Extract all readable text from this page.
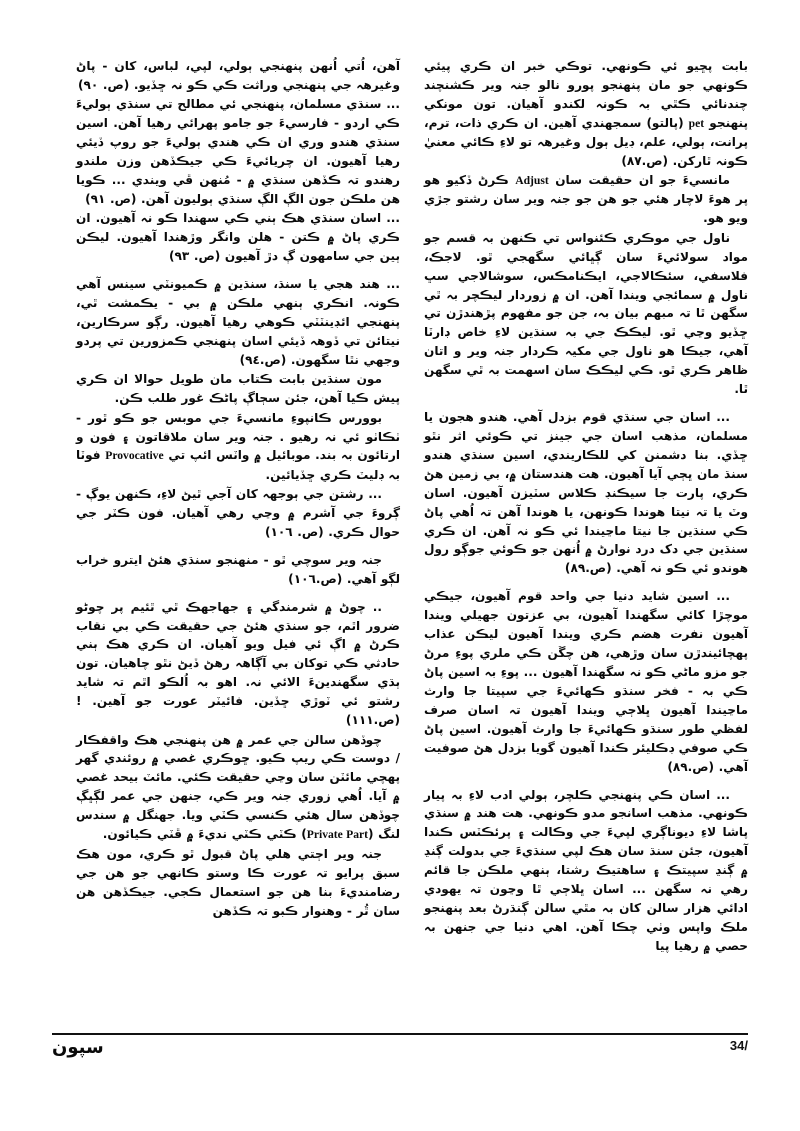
بابت پڇيو ئي ڪونهي. توڪي خبر ان ڪري پيئي ڪونهي جو مان پنهنجو پورو نالو جنہ وير ڪشنچند چندنائي ڪٿي بہ ڪونہ لکندو آهيان. تون مونکي پنهنجو pet (پالتو) سمجهندي آهين. ان ڪري ذات، ترم، پرانت، ٻولي، علم، ڊيل ٻول وغيرهہ تو لاءِ ڪائي معنيٰ ڪونہ ٿاركن. (ص.٨٧)

مانسيءَ جو ان حقيقت سان Adjust ڪرڻ ڏکيو هو پر هوءَ لاچار هئي جو هن جو جنہ وير سان رشتو جڙي ويو هو.

ناول جي موڪري ڪئنواس تي ڪنهن بہ قسم جو مواد سولائيءَ سان ڳڀائي سگهجي ٿو. لاجڪ، فلاسفي، سئڪالاجي، ايڪنامڪس، سوشالاجي سڀ ناول ۾ سمائجي ويندا آهن. ان ۾ زوردار ليڪچر بہ ٿي سگهن ٿا تہ مبهم بيان بہ، جن جو مفهوم پڙهندڙن تي ڇڏيو وڃي ٿو. ليڪڪ جي بہ سنڌين لاءِ خاص ڊارٽا آهي، جيڪا هو ناول جي مکيہ ڪردار جنہ وير و اتان ظاهر ڪري ٿو. ڪي ليڪڪ سان اسهمت بہ ٿي سگهن ٿا.

... اسان جي سنڌي قوم بزدل آهي. هندو هجون يا مسلمان، مذهب اسان جي جينز تي ڪوئي اثر نٿو ڇڏي. بنا دشمنن کي للڪاريندي، اسين سنڌي هندو سنڌ مان ڀڄي آيا آهيون. هت هندستان ۾، بي زمين هڻ ڪري، پارت جا سيڪنڊ ڪلاس سٽيزن آهيون. اسان وٽ يا تہ نيتا هوندا ڪونهن، يا هوندا آهن تہ اُهي پاڻ ڪي سنڌين جا نيتا ماڃيندا ئي ڪو نہ آهن. ان ڪري سنڌين جي دک درد نوارڻ ۾ اُنهن جو ڪوئي جوڳو رول هوندو ئي ڪو نہ آهي. (ص.٨٩)

... اسين شايد دنيا جي واحد قوم آهيون، جيڪي موچڙا کائي سگهندا آهيون، بي عزتون جهيلي ويندا آهيون نفرت هضم ڪري ويندا آهيون ليڪن عذاب پهچائيندڙن سان وڙهي، هن چڱن ڪي ملري پوءِ مرڻ جو مزو ماڻي ڪو نہ سگهندا آهيون ... پوءِ بہ اسين پاڻ ڪي بہ - فخر سنڌو ڪهائيءَ جي سپيتا جا وارث ماڃيندا آهيون ڀلاڄي ويندا آهيون تہ اسان صرف لفظي طور سنڌو ڪهائيءَ جا وارث آهيون. اسين پاڻ ڪي صوفي ڊڪليئر ڪندا آهيون گويا بزدل هڻ صوفيت آهي. (ص.٨٩)

... اسان ڪي پنهنجي ڪلچر، ٻولي ادب لاءِ بہ پيار ڪونهي. مذهب اسانجو مدو ڪونهي. هت هند ۾ سنڌي پاشا لاءِ ديوناڳري لپيءَ جي وڪالت ۽ پرئڪٽس ڪندا آهيون، جئن سنڌ سان هڪ لپي سنڌيءَ جي بدولت ڳنڍ ۾ ڳنڍ سپيتڪ ۽ ساهتيڪ رشتا، ٻنهي ملڪن جا قائم رهي نہ سگهن ... اسان ڀلاڄي ٿا وڃون تہ يهودي ادائي هزار سالن کان بہ مٿي سالن ڳنڌرڻ بعد پنهنجو ملڪ واپس وٺي چڪا آهن. اهي دنيا جي جنهن بہ حصي ۾ رهيا پيا

آهن، اُتي اُنهن پنهنجي ٻولي، لپي، لباس، کان - پاڻ وغيرهہ جي پنهنجي وراثت ڪي ڪو نہ ڇڏيو. (ص. ٩٠)

... سنڌي مسلمان، پنهنجي ئي مطالح تي سنڌي ٻوليءَ ڪي اردو - فارسيءَ جو جامو پهرائي رهيا آهن. اسين سنڌي هندو وري ان ڪي هندي ٻوليءَ جو روپ ڏيئي رهيا آهيون. ان چريائيءَ ڪي جيڪڏهن وزن ملندو رهندو تہ ڪڏهن سنڌي ۾ - مُنهن ڦي ويندي ... ڪويا هن ملڪن جون الڳ الڳ سنڌي ٻوليون آهن. (ص. ٩١)

... اسان سنڌي هڪ ٻني ڪي سهندا ڪو نہ آهيون. ان ڪري پاڻ ۾ ڪتن - هلن وانگر وڙهندا آهيون. ليڪن ٻين جي سامهون ڳ دڙ آهيون (ص. ٩٣)

... هند هجي يا سنڌ، سنڌين ۾ ڪميونٽي سينس آهي ڪونہ. انڪري ٻنهي ملڪن ۾ بي - يڪمشت ٿي، پنهنجي ائڊينٽٽي ڪوهي رهيا آهيون. رڳو سرڪارين، نيتائن تي ڏوهہ ڏيئي اسان پنهنجي ڪمزورين تي پردو وجهي نٿا سگهون. (ص.٩٤)

مون سنڌين بابت ڪتاب مان طويل حوالا ان ڪري پيش ڪيا آهن، جئن سڄاڳ پاڻڪ غور طلب ڪن.

بوورس ڪانپوءِ مانسيءَ جي موبس جو ڪو ٿور - ٺڪاٺو ئي نہ رهيو . جنہ وير سان ملاقاتون ۽ فون و ارتائون بہ بند. موبائيل ۾ واٽس ائپ تي Provocative فوٽا بہ ڊليٽ ڪري ڇڏيائين.

... رشتن جي ٻوجهہ کان آجي ٿيڻ لاءِ، ڪنهن يوڳ - ڳروءَ جي آشرم ۾ وڃي رهي آهيان. فون ڪٽر جي حوال ڪري. (ص. ١٠٦)

جنہ وير سوچي ٿو - منهنجو سنڌي هئڻ ايترو خراب لڳو آهي. (ص.١٠٦)

.. چوڻ ۾ شرمندگي ۽ جهاجهڪ ٿي ٿئيم پر چوڻو ضرور اٿم، جو سنڌي هئڻ جي حقيقت ڪي بي نقاب ڪرڻ ۾ اڳ ئي فيل ويو آهيان. ان ڪري هڪ ٻني حادثي ڪي توکان بي آڳاهہ رهڻ ڏيڻ نٿو چاهيان. تون ٻڌي سگهندينءَ الائي نہ. اهو بہ اُلڪو اٿم تہ شايد رشتو ئي ٽوڙي ڇڏين. فائيٽر عورت جو آهين. ! (ص.١١١)

چوڏهن سالن جي عمر ۾ هن پنهنجي هڪ واقفڪار / دوست ڪي ريپ ڪيو. ڇوڪري غصي ۾ روئندي گهر پهچي مائٽن سان وڃي حقيقت ڪئي. مائٽ بيحد غصي ۾ آيا. اُهي زوري جنہ وير ڪي، جنهن جي عمر لڳڀڳ چوڏهن سال هئي ڪنسي ڪٽي ويا. جهنگل ۾ سندس لنگ (Private Part) ڪٽي ڪٽي نديءَ ۾ ڦٽي ڪيائون.

جنہ وير اڄتي هلي پاڻ قبول ٿو ڪري، مون هڪ سبق پرايو تہ عورت ڪا وستو ڪانهي جو هن جي رضامنديءَ بنا هن جو استعمال ڪجي. جيڪڏهن هن سان ٿُر - وهنوار ڪبو تہ ڪڏهن

سپون	34/
